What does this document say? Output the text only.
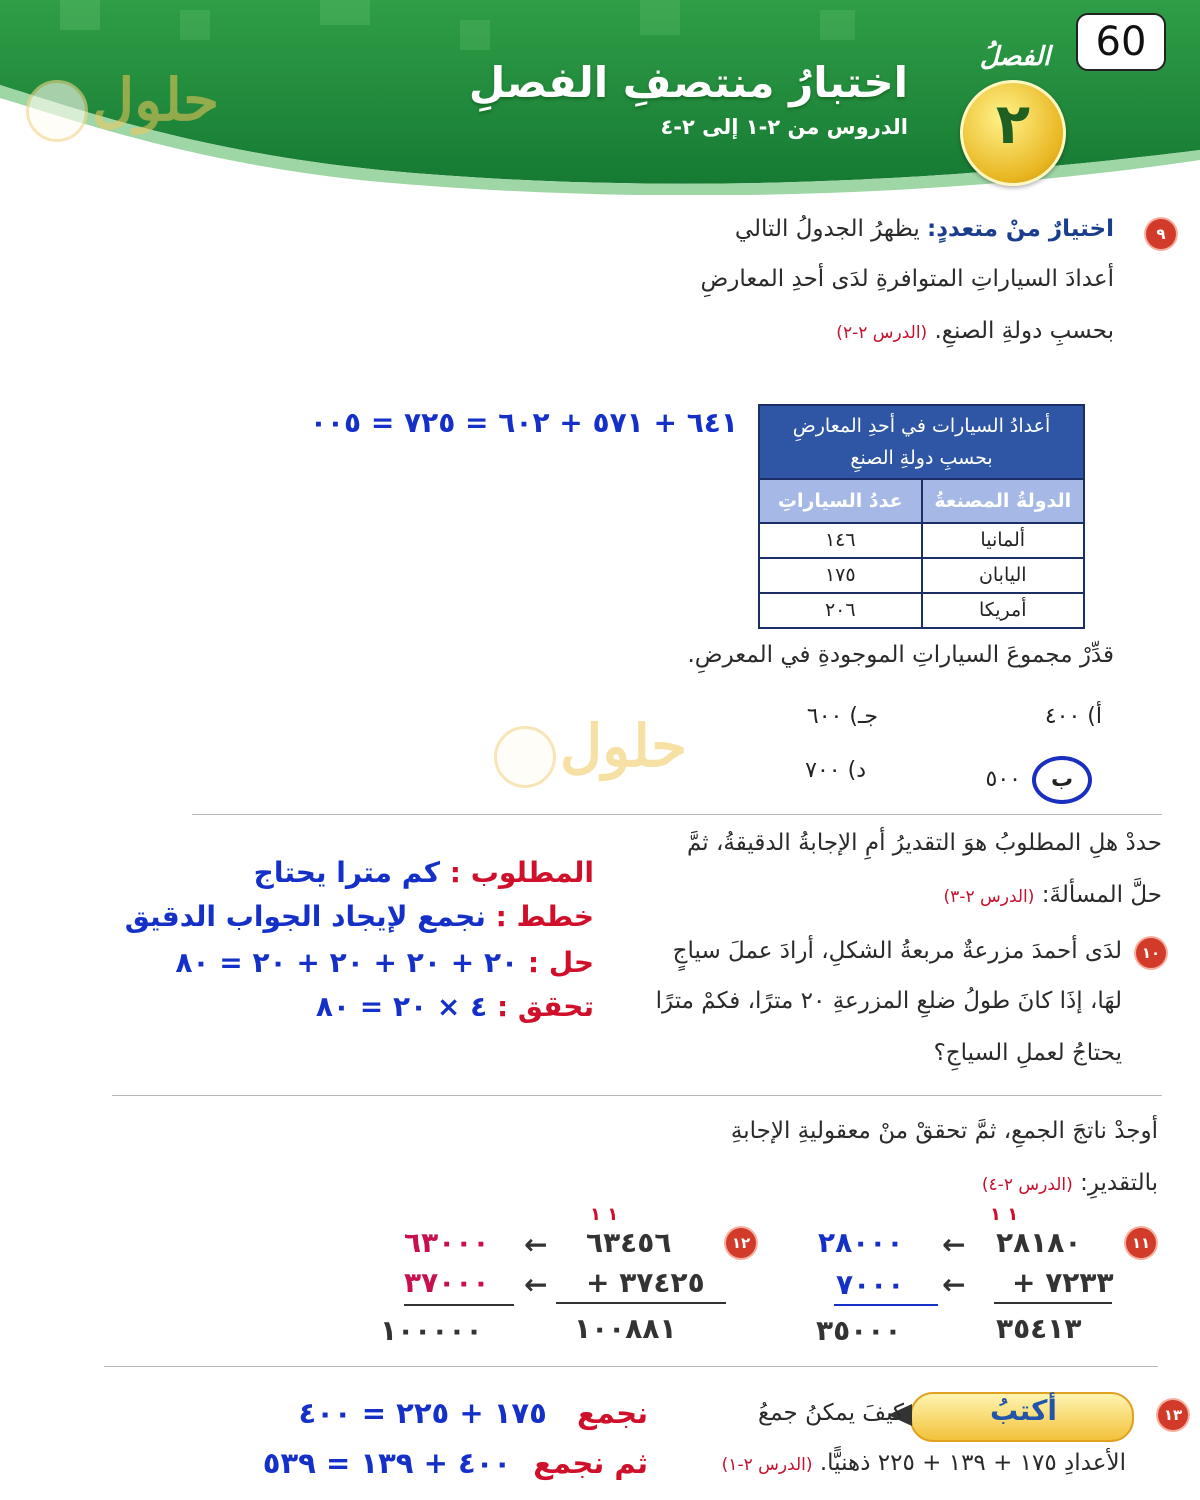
60
الفصلُ
٢
اختبارُ منتصفِ الفصلِ
الدروس من ٢-١ إلى ٢-٤
حلول
حلول
٩
اختيارٌ منْ متعددٍ: يظهرُ الجدولُ التالي
أعدادَ السياراتِ المتوافرةِ لدَى أحدِ المعارضِ
بحسبِ دولةِ الصنعِ. (الدرس ٢-٢)
١٤٦ + ١٧٥ + ٢٠٦ = ٥٢٧ = ٥٠٠	أعدادُ السيارات في أحدِ المعارضِ بحسبِ دولةِ الصنعِ
الدولةُ المصنعةُ
عددُ السياراتِ
ألمانيا
١٤٦
اليابان
١٧٥
أمريكا
٢٠٦
قدِّرْ مجموعَ السياراتِ الموجودةِ في المعرضِ.
أ) ٤٠٠
جـ) ٦٠٠
ب ٥٠٠
د) ٧٠٠
حددْ هلِ المطلوبُ هوَ التقديرُ أمِ الإجابةُ الدقيقةُ، ثمَّ
حلَّ المسألةَ: (الدرس ٢-٣)
١٠
لدَى أحمدَ مزرعةٌ مربعةُ الشكلِ، أرادَ عملَ سياجٍ
لهَا، إذَا كانَ طولُ ضلعِ المزرعةِ ٢٠ مترًا، فكمْ مترًا
يحتاجُ لعملِ السياجِ؟
المطلوب : كم مترا يحتاج
خطط : نجمع لإيجاد الجواب الدقيق
حل : ٢٠ + ٢٠ + ٢٠ + ٢٠ = ٨٠
تحقق : ٤ × ٢٠ = ٨٠
أوجدْ ناتجَ الجمعِ، ثمَّ تحققْ منْ معقوليةِ الإجابةِ
بالتقديرِ: (الدرس ٢-٤)
١١
١ ١
٢٨١٨٠
+ ٧٢٣٣
٣٥٤١٣
←
←
٢٨٠٠٠
٧٠٠٠
٣٥٠٠٠
١٢
١ ١
٦٣٤٥٦
+ ٣٧٤٢٥
١٠٠٨٨١
←
←
٦٣٠٠٠
٣٧٠٠٠
١٠٠٠٠٠
١٣
أكتبُ
كيفَ يمكنُ جمعُ
الأعدادِ ١٧٥ + ١٣٩ + ٢٢٥ ذهنيًّا. (الدرس ٢-١)
نجمع ١٧٥ + ٢٢٥ = ٤٠٠
ثم نجمع ٤٠٠ + ١٣٩ = ٥٣٩
